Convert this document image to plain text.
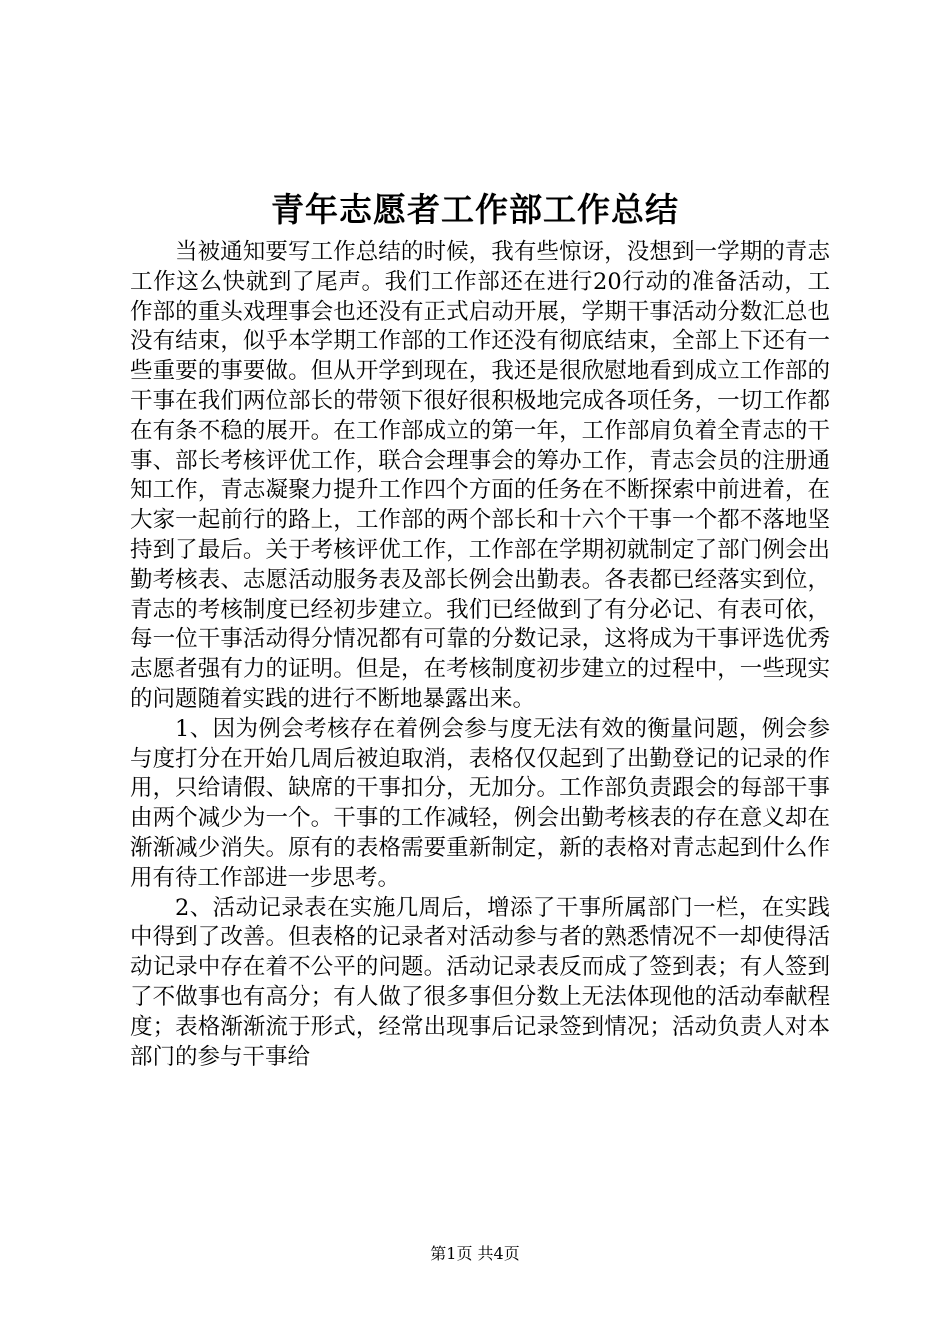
青年志愿者工作部工作总结

当被通知要写工作总结的时候，我有些惊讶，没想到一学期的青志工作这么快就到了尾声。我们工作部还在进行20行动的准备活动，工作部的重头戏理事会也还没有正式启动开展，学期干事活动分数汇总也没有结束，似乎本学期工作部的工作还没有彻底结束，全部上下还有一些重要的事要做。但从开学到现在，我还是很欣慰地看到成立工作部的干事在我们两位部长的带领下很好很积极地完成各项任务，一切工作都在有条不稳的展开。在工作部成立的第一年，工作部肩负着全青志的干事、部长考核评优工作，联合会理事会的筹办工作，青志会员的注册通知工作，青志凝聚力提升工作四个方面的任务在不断探索中前进着，在大家一起前行的路上，工作部的两个部长和十六个干事一个都不落地坚持到了最后。关于考核评优工作，工作部在学期初就制定了部门例会出勤考核表、志愿活动服务表及部长例会出勤表。各表都已经落实到位，青志的考核制度已经初步建立。我们已经做到了有分必记、有表可依，每一位干事活动得分情况都有可靠的分数记录，这将成为干事评选优秀志愿者强有力的证明。但是，在考核制度初步建立的过程中，一些现实的问题随着实践的进行不断地暴露出来。

1、因为例会考核存在着例会参与度无法有效的衡量问题，例会参与度打分在开始几周后被迫取消，表格仅仅起到了出勤登记的记录的作用，只给请假、缺席的干事扣分，无加分。工作部负责跟会的每部干事由两个减少为一个。干事的工作减轻，例会出勤考核表的存在意义却在渐渐减少消失。原有的表格需要重新制定，新的表格对青志起到什么作用有待工作部进一步思考。

2、活动记录表在实施几周后，增添了干事所属部门一栏，在实践中得到了改善。但表格的记录者对活动参与者的熟悉情况不一却使得活动记录中存在着不公平的问题。活动记录表反而成了签到表；有人签到了不做事也有高分；有人做了很多事但分数上无法体现他的活动奉献程度；表格渐渐流于形式，经常出现事后记录签到情况；活动负责人对本部门的参与干事给

第1页 共4页
